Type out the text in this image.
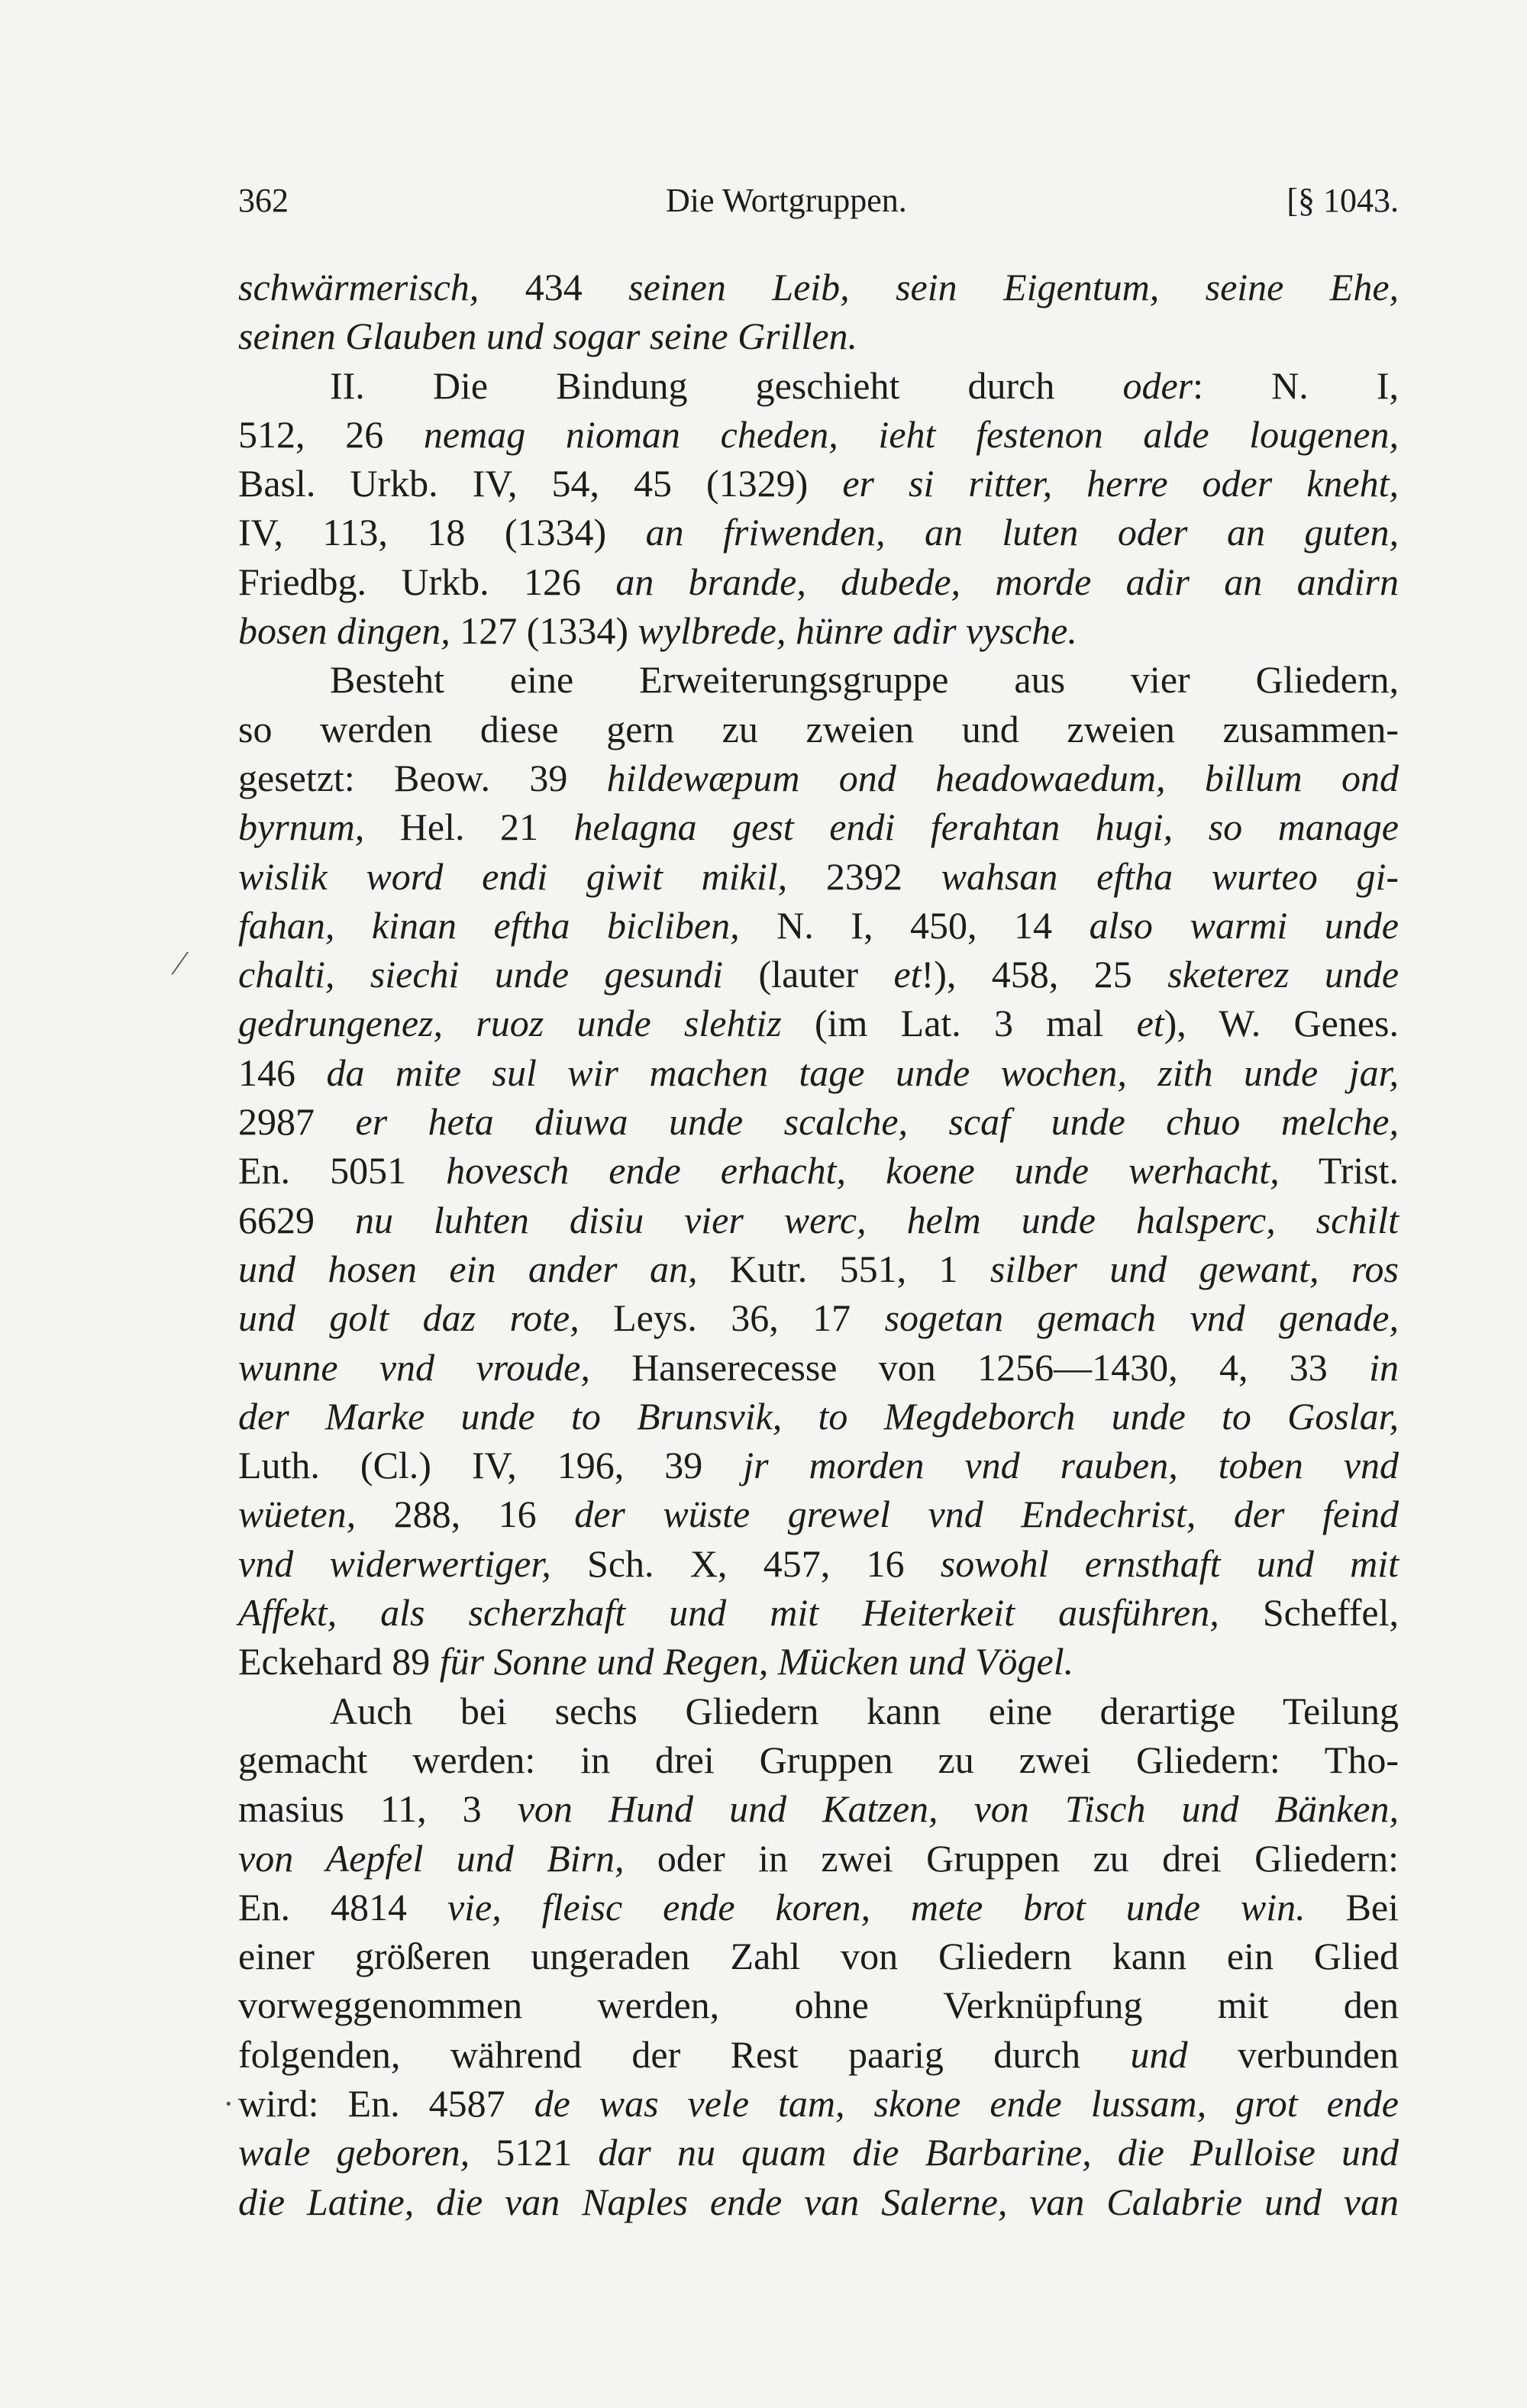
362	Die Wortgruppen.	[§ 1043.
⁄
·
schwärmerisch, 434 seinen Leib, sein Eigentum, seine Ehe,
seinen Glauben und sogar seine Grillen.
II. Die Bindung geschieht durch oder: N. I,
512, 26 nemag nioman cheden, ieht festenon alde lougenen,
Basl. Urkb. IV, 54, 45 (1329) er si ritter, herre oder kneht,
IV, 113, 18 (1334) an friwenden, an luten oder an guten,
Friedbg. Urkb. 126 an brande, dubede, morde adir an andirn
bosen dingen, 127 (1334) wylbrede, hünre adir vysche.
Besteht eine Erweiterungsgruppe aus vier Gliedern,
so werden diese gern zu zweien und zweien zusammen-
gesetzt: Beow. 39 hildewæpum ond headowaedum, billum ond
byrnum, Hel. 21 helagna gest endi ferahtan hugi, so manage
wislik word endi giwit mikil, 2392 wahsan eftha wurteo gi-
fahan, kinan eftha bicliben, N. I, 450, 14 also warmi unde
chalti, siechi unde gesundi (lauter et!), 458, 25 sketerez unde
gedrungenez, ruoz unde slehtiz (im Lat. 3 mal et), W. Genes.
146 da mite sul wir machen tage unde wochen, zith unde jar,
2987 er heta diuwa unde scalche, scaf unde chuo melche,
En. 5051 hovesch ende erhacht, koene unde werhacht, Trist.
6629 nu luhten disiu vier werc, helm unde halsperc, schilt
und hosen ein ander an, Kutr. 551, 1 silber und gewant, ros
und golt daz rote, Leys. 36, 17 sogetan gemach vnd genade,
wunne vnd vroude, Hanserecesse von 1256—1430, 4, 33 in
der Marke unde to Brunsvik, to Megdeborch unde to Goslar,
Luth. (Cl.) IV, 196, 39 jr morden vnd rauben, toben vnd
wüeten, 288, 16 der wüste grewel vnd Endechrist, der feind
vnd widerwertiger, Sch. X, 457, 16 sowohl ernsthaft und mit
Affekt, als scherzhaft und mit Heiterkeit ausführen, Scheffel,
Eckehard 89 für Sonne und Regen, Mücken und Vögel.
Auch bei sechs Gliedern kann eine derartige Teilung
gemacht werden: in drei Gruppen zu zwei Gliedern: Tho-
masius 11, 3 von Hund und Katzen, von Tisch und Bänken,
von Aepfel und Birn, oder in zwei Gruppen zu drei Gliedern:
En. 4814 vie, fleisc ende koren, mete brot unde win. Bei
einer größeren ungeraden Zahl von Gliedern kann ein Glied
vorweggenommen werden, ohne Verknüpfung mit den
folgenden, während der Rest paarig durch und verbunden
wird: En. 4587 de was vele tam, skone ende lussam, grot ende
wale geboren, 5121 dar nu quam die Barbarine, die Pulloise und
die Latine, die van Naples ende van Salerne, van Calabrie und van
